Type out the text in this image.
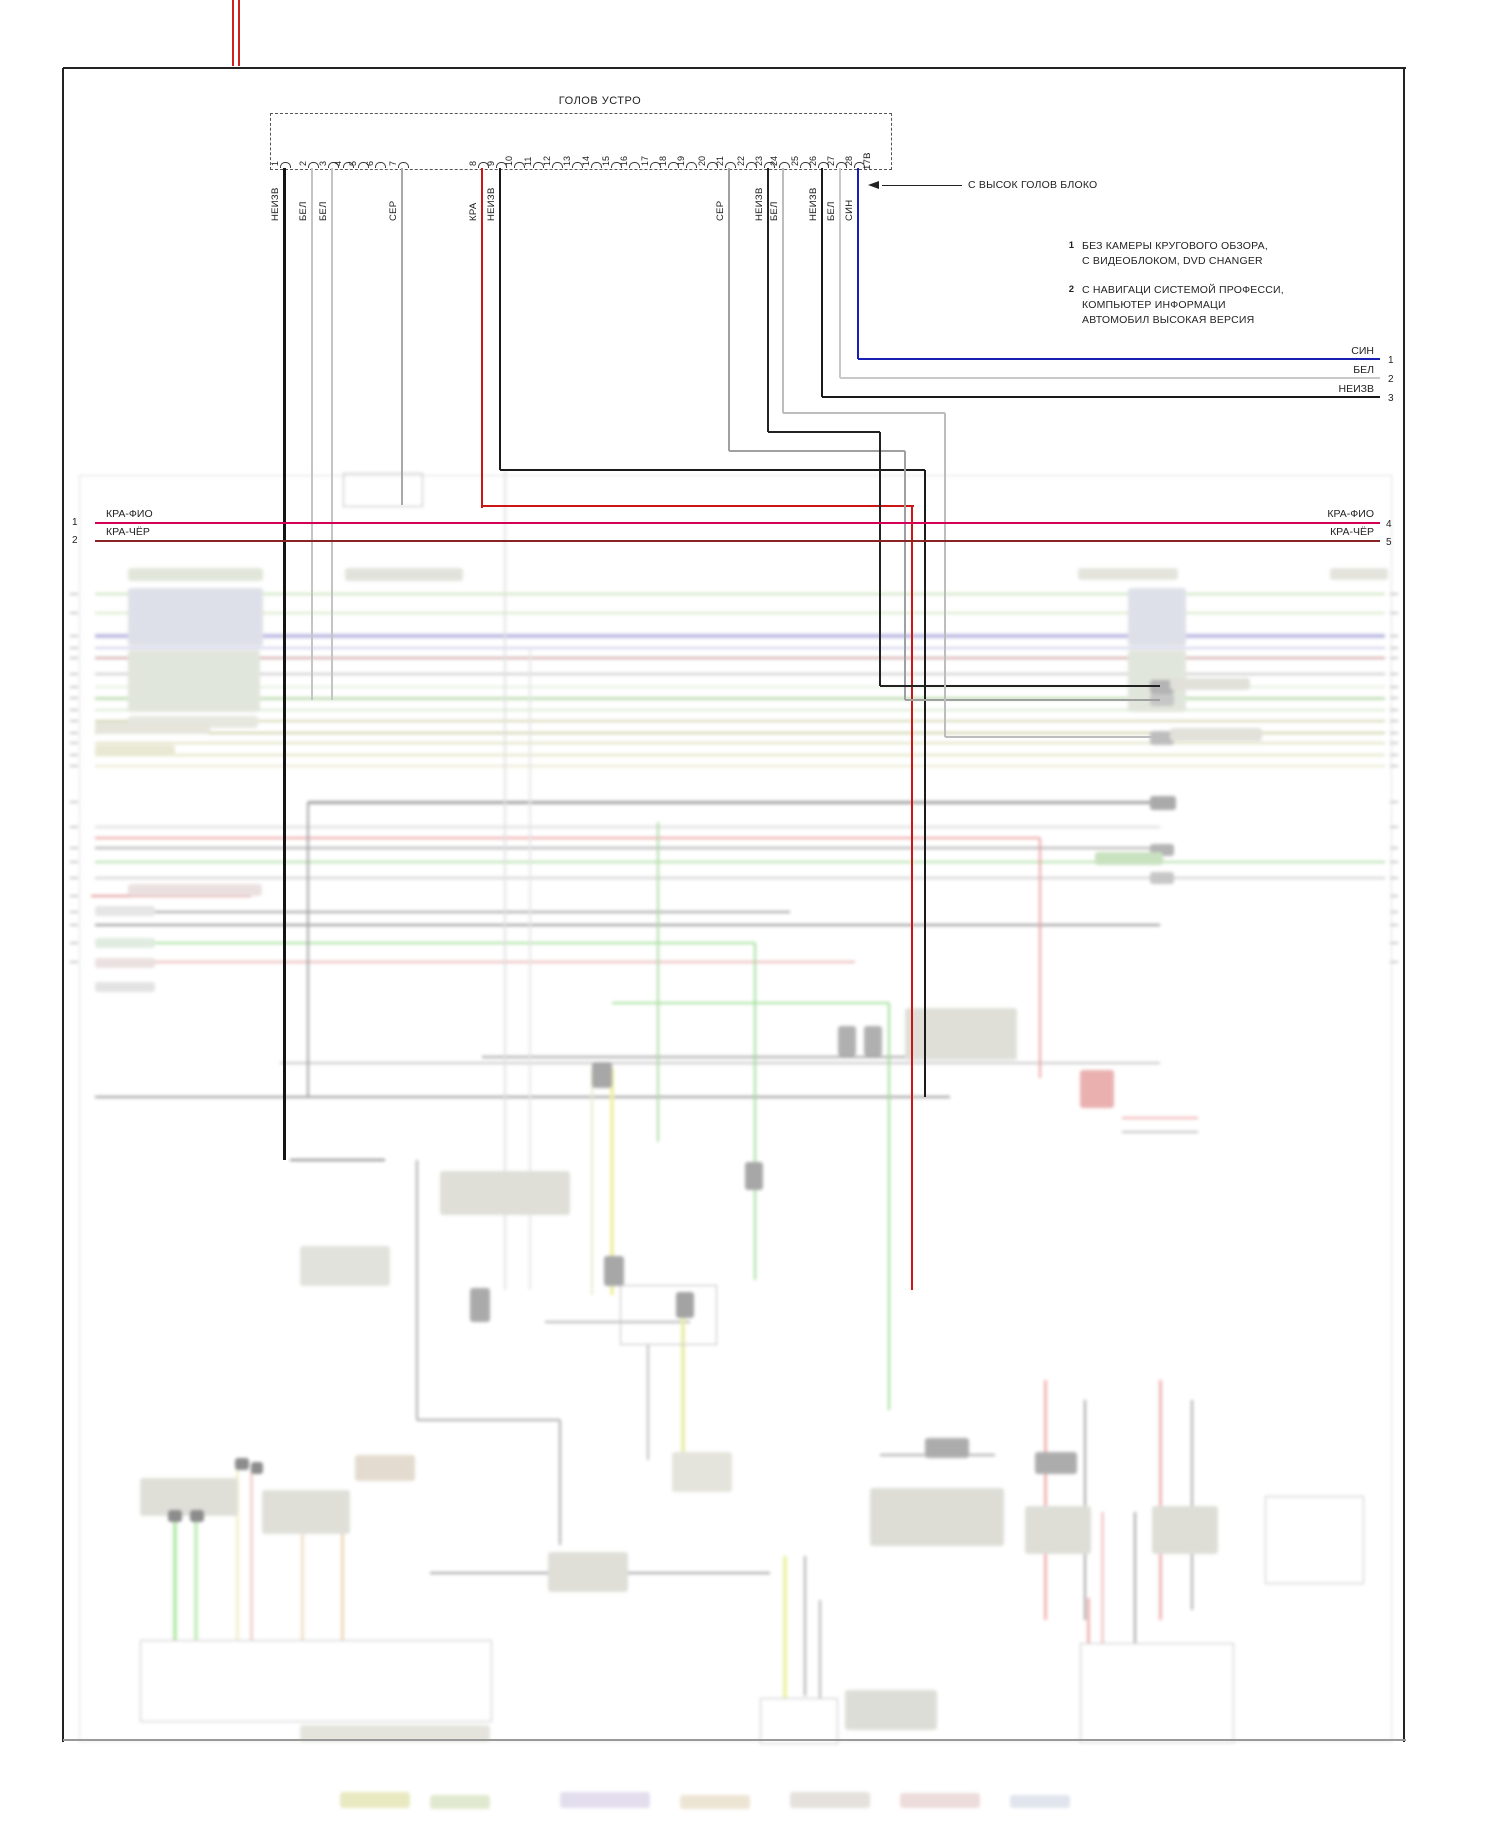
ГОЛОВ УСТРО
1
НЕИЗВ
2
БЕЛ
3
БЕЛ
4 5 6 7
СЕР
8
КРА
9
НЕИЗВ
10 11 12 13 14 15 16 17 18 19 20 21
СЕР
22 23
НЕИЗВ
24
БЕЛ
25 26
НЕИЗВ
27
БЕЛ
28
СИН
17В
С ВЫСОК ГОЛОВ БЛОКО
1 БЕЗ КАМЕРЫ КРУГОВОГО ОБЗОРА,
С ВИДЕОБЛОКОМ, DVD CHANGER
2 С НАВИГАЦИ СИСТЕМОЙ ПРОФЕССИ,
КОМПЬЮТЕР ИНФОРМАЦИ
АВТОМОБИЛ ВЫСОКАЯ ВЕРСИЯ
СИН
1
БЕЛ
2
НЕИЗВ
3
1
КРА-ФИО	КРА-ФИО
4
2
КРА-ЧЁР	КРА-ЧЁР
5
